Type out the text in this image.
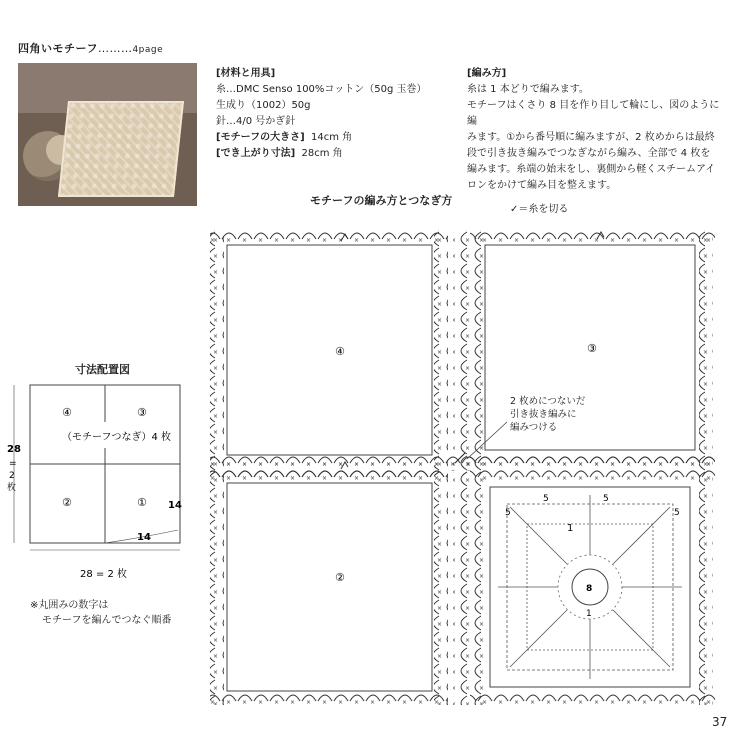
四角いモチーフ………4page
[材料と用具]
糸…DMC Senso 100%コットン（50g 玉巻）
生成り（1002）50g
針…4/0 号かぎ針
[モチーフの大きさ] 14cm 角
[でき上がり寸法] 28cm 角
[編み方]
糸は 1 本どりで編みます。
モチーフはくさり 8 目を作り目して輪にし、図のように編
みます。①から番号順に編みますが、2 枚めからは最終
段で引き抜き編みでつなぎながら編み、全部で 4 枚を
編みます。糸端の始末をし、裏側から軽くスチームアイ
ロンをかけて編み目を整えます。
モチーフの編み方とつなぎ方
✓＝糸を切る
④	③
②
5
5	5
5
1
8
1
2 枚めにつないだ
引き抜き編みに
編みつける
寸法配置図
④	③
②	①
（モチーフつなぎ）4 枚
14
14
28 = 2 枚
28
=
2
枚
※丸囲みの数字は
モチーフを編んでつなぐ順番
37
